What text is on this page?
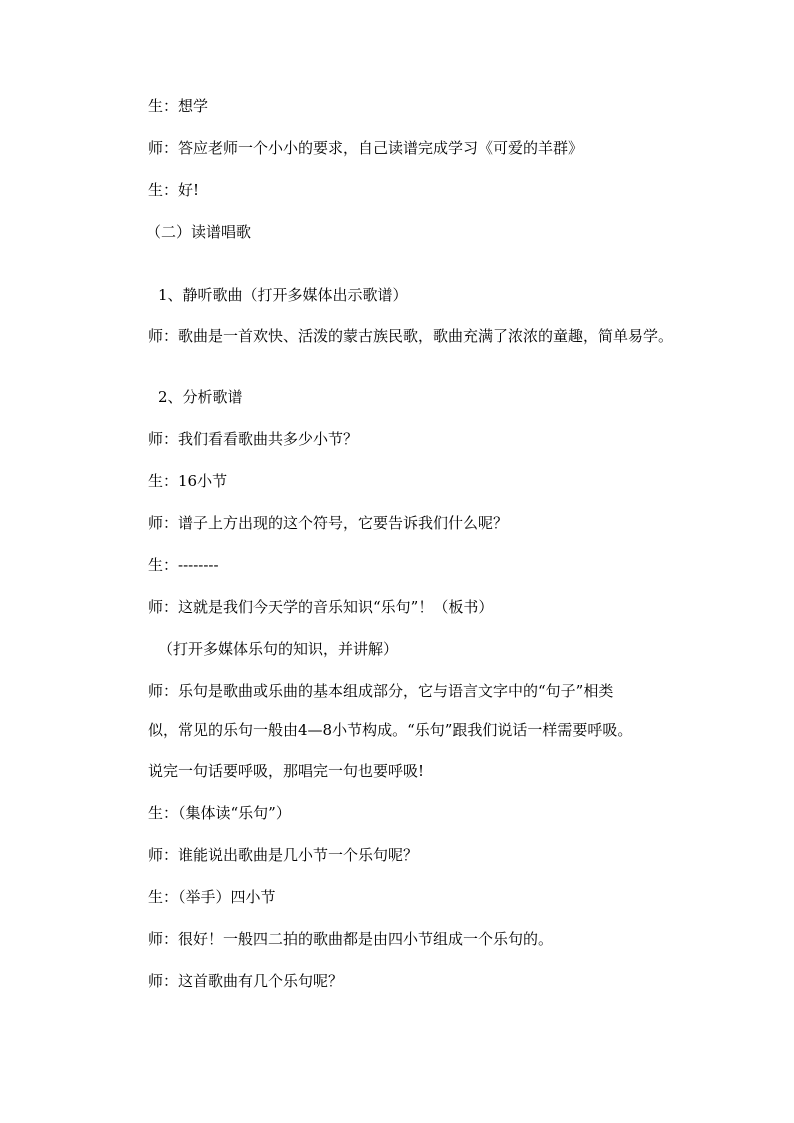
生：想学
师：答应老师一个小小的要求，自己读谱完成学习《可爱的羊群》
生：好!
（二）读谱唱歌
1、静听歌曲（打开多媒体出示歌谱）
师：歌曲是一首欢快、活泼的蒙古族民歌，歌曲充满了浓浓的童趣，简单易学。
2、分析歌谱
师：我们看看歌曲共多少小节？
生：16小节
师：谱子上方出现的这个符号，它要告诉我们什么呢？
生：--------
师：这就是我们今天学的音乐知识“乐句”！（板书）
（打开多媒体乐句的知识，并讲解）
师：乐句是歌曲或乐曲的基本组成部分，它与语言文字中的“句子”相类
似，常见的乐句一般由4—8小节构成。“乐句”跟我们说话一样需要呼吸。
说完一句话要呼吸，那唱完一句也要呼吸!
生：（集体读“乐句”）
师：谁能说出歌曲是几小节一个乐句呢？
生：（举手）四小节
师：很好！一般四二拍的歌曲都是由四小节组成一个乐句的。
师：这首歌曲有几个乐句呢？
